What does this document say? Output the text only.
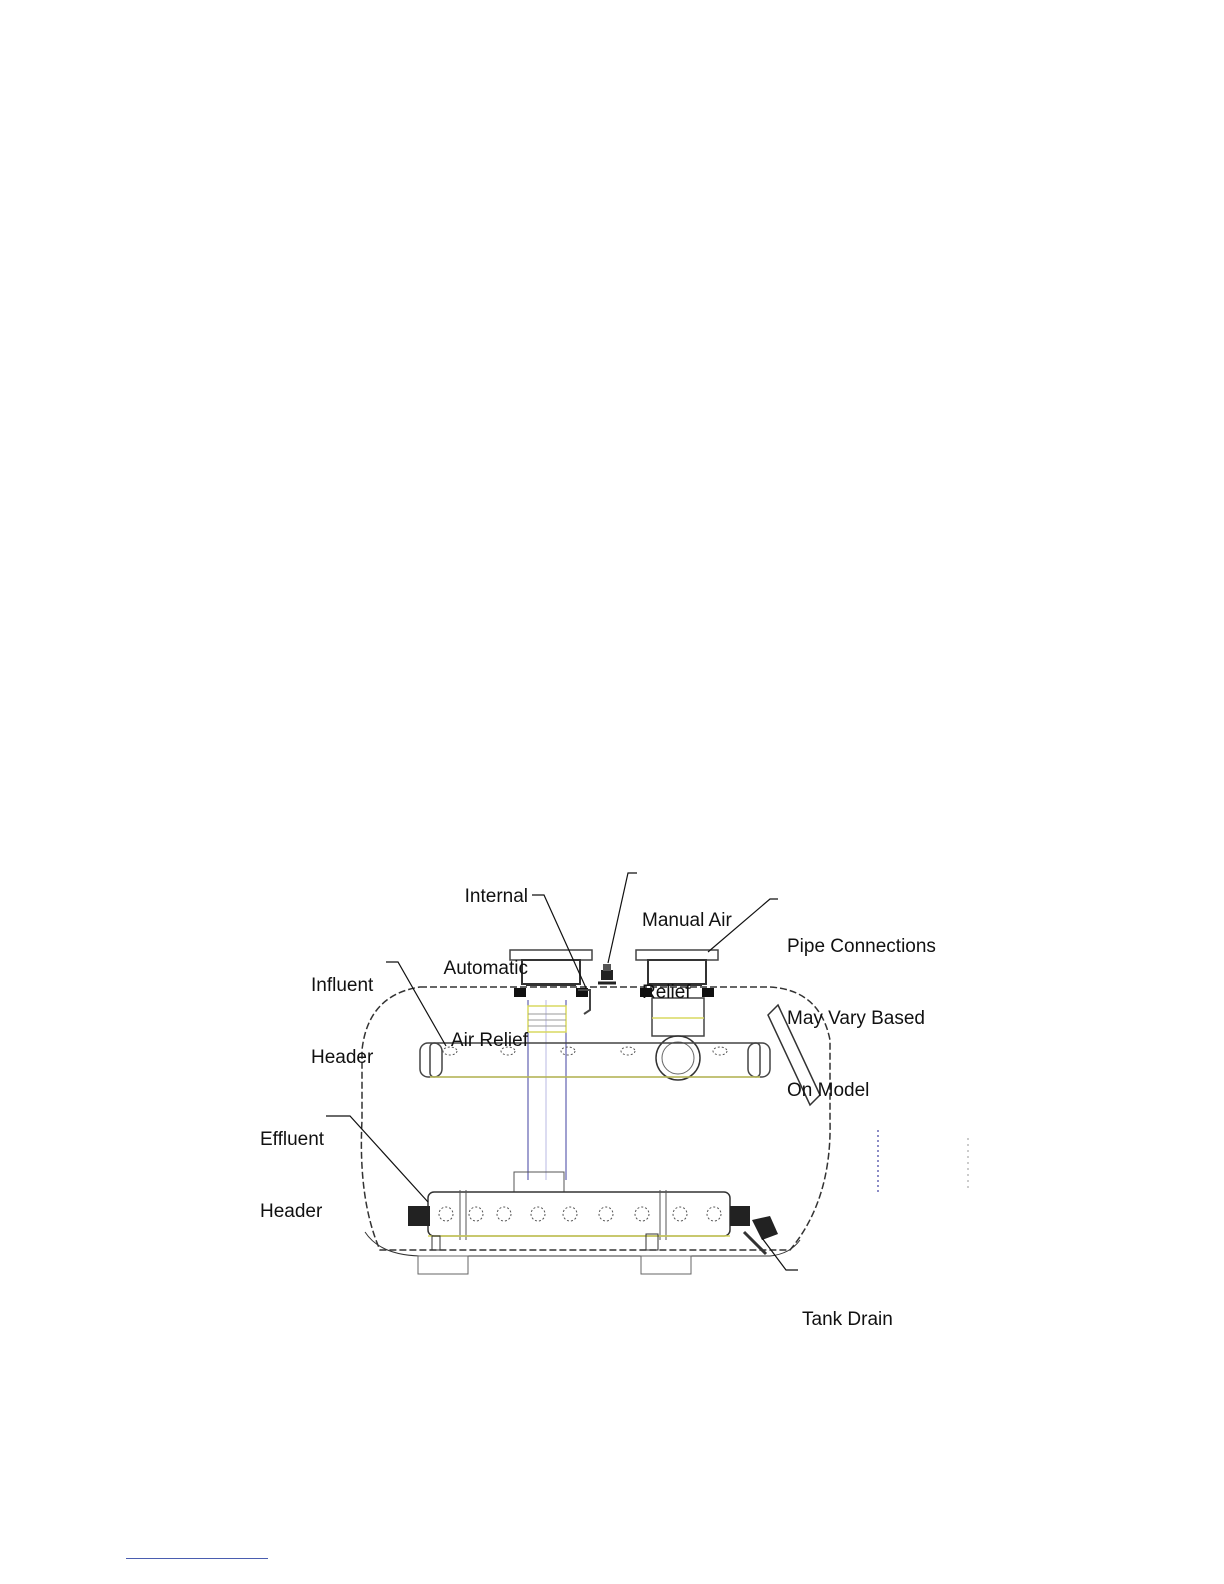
Internal

Automatic

Air Relief

Manual Air

Relief

Pipe Connections

May Vary Based

On Model

Influent

Header

Effluent

Header

Tank Drain
